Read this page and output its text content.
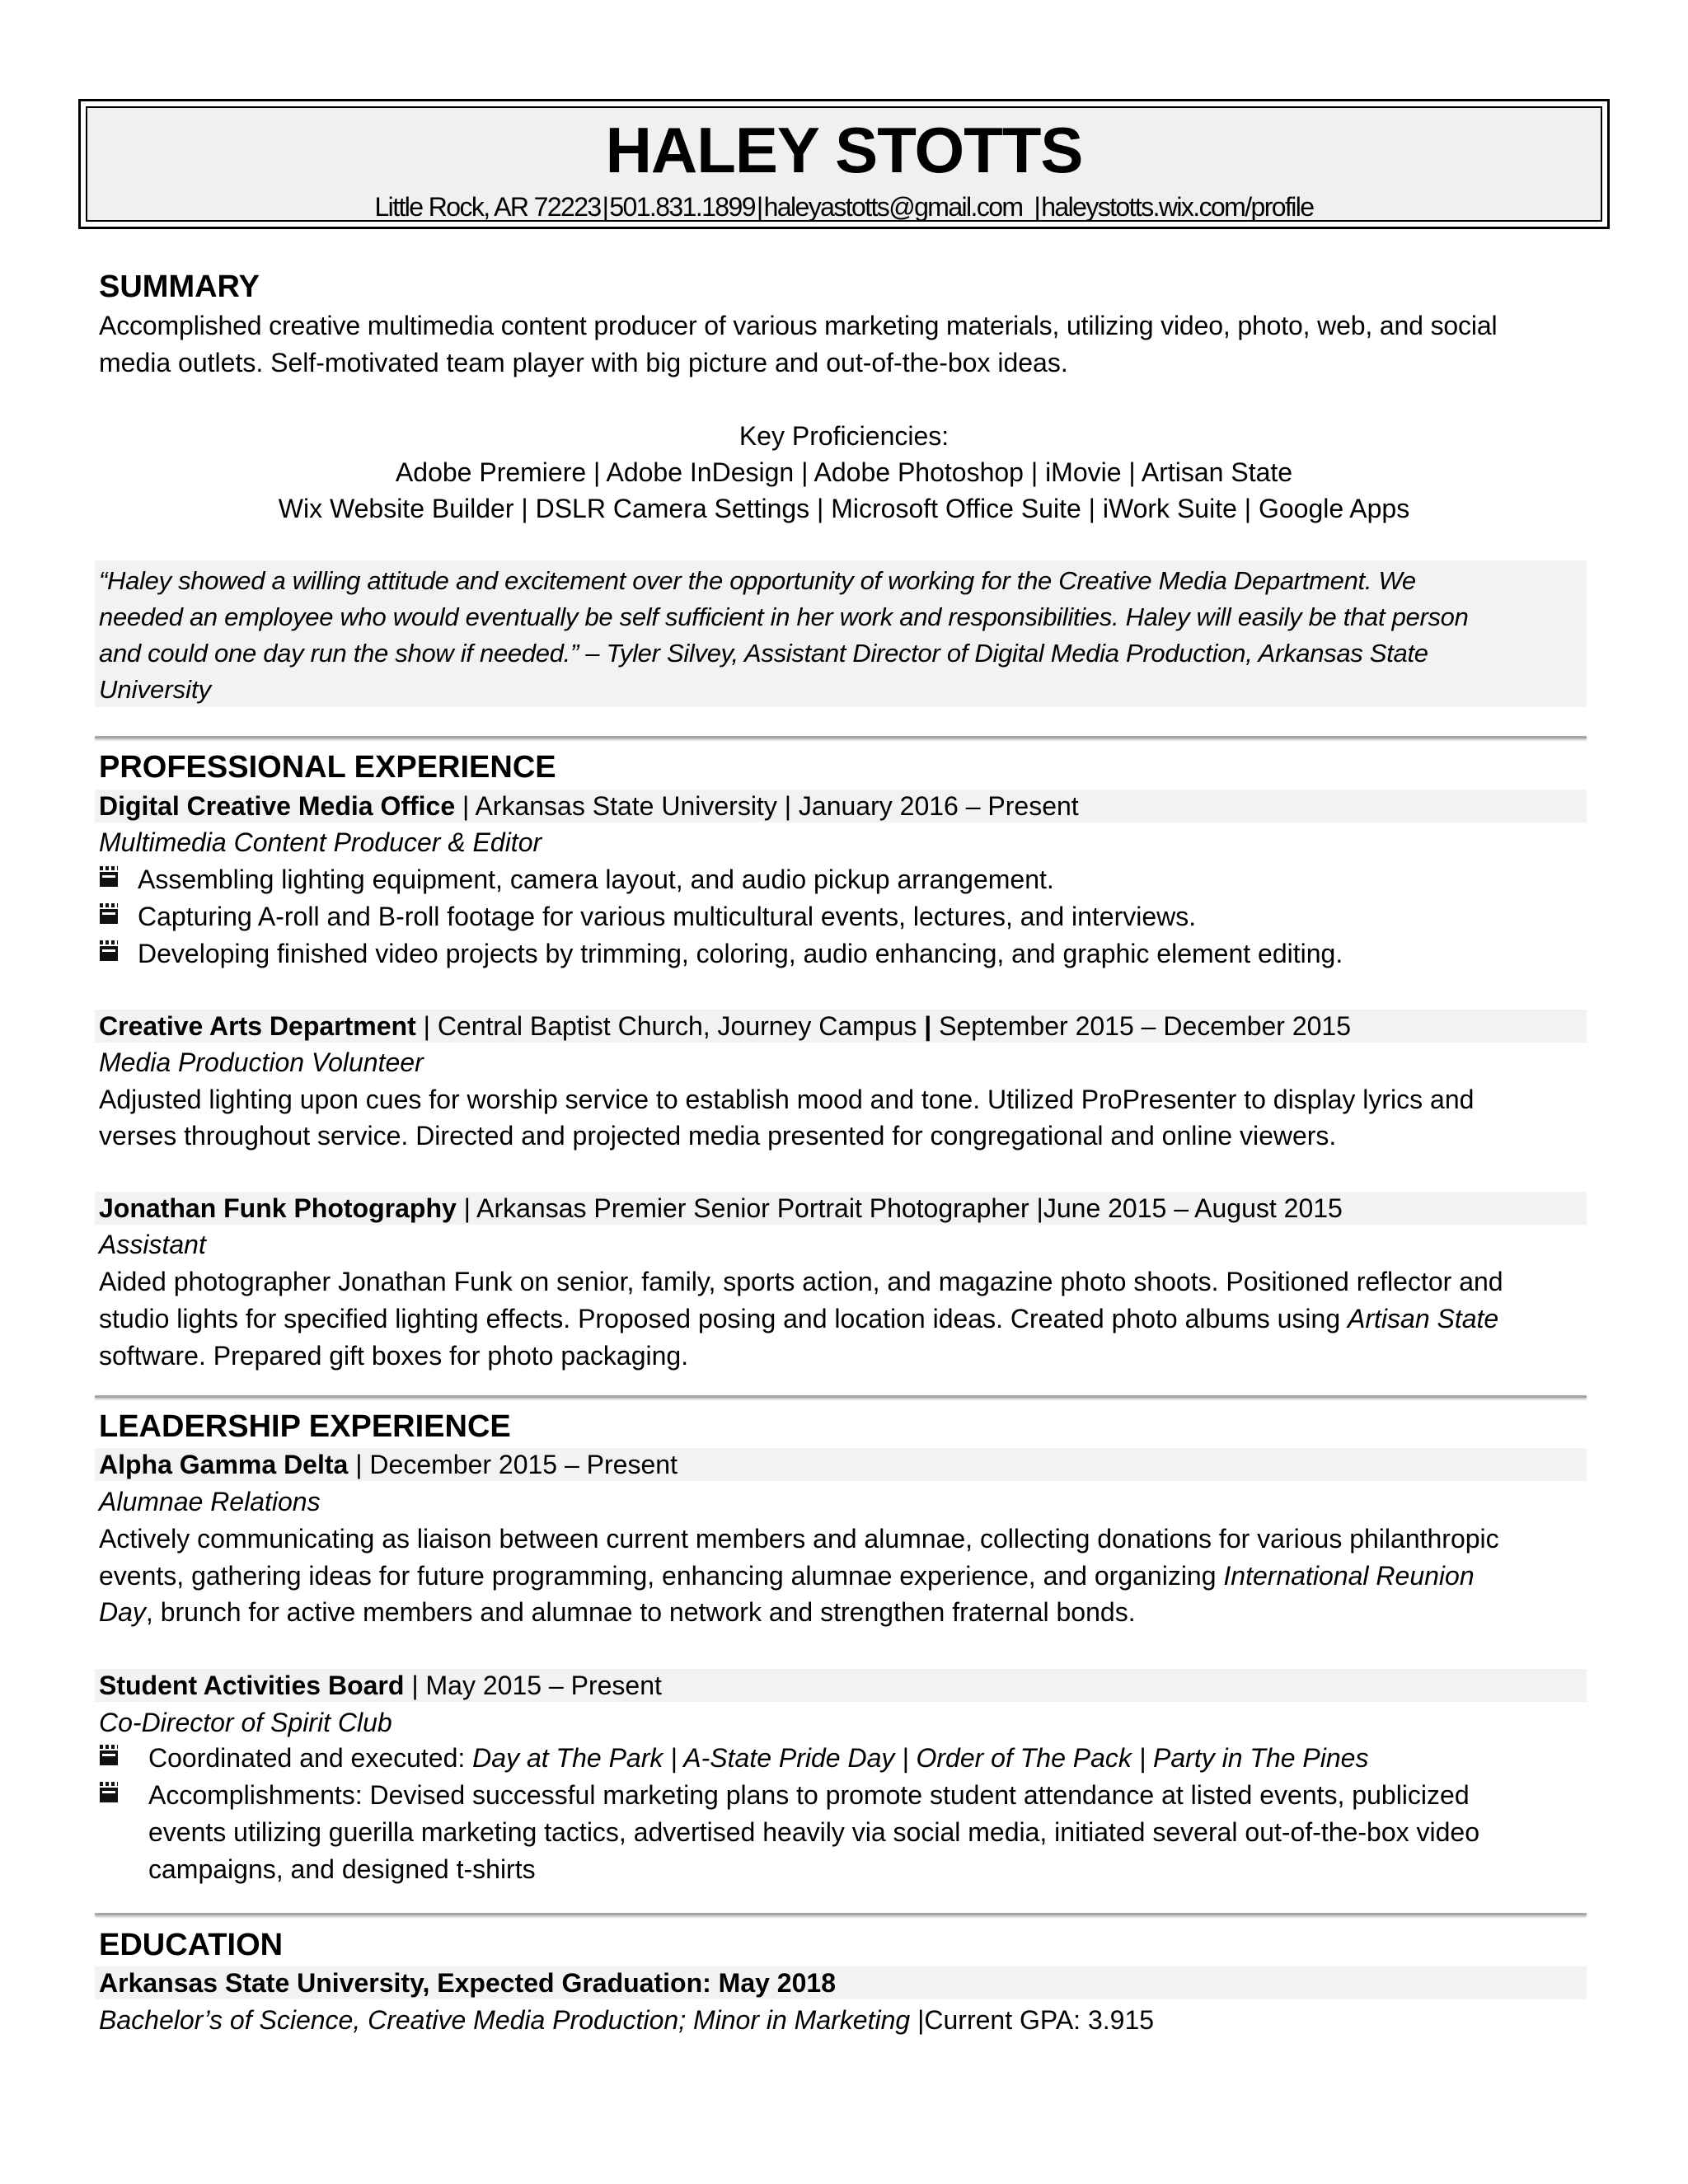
HALEY STOTTS
Little Rock, AR 72223|501.831.1899|haleyastotts@gmail.com |haleystotts.wix.com/profile
SUMMARY
Accomplished creative multimedia content producer of various marketing materials, utilizing video, photo, web, and social
media outlets. Self-motivated team player with big picture and out-of-the-box ideas.
Key Proficiencies:
Adobe Premiere | Adobe InDesign | Adobe Photoshop | iMovie | Artisan State
Wix Website Builder | DSLR Camera Settings | Microsoft Office Suite | iWork Suite | Google Apps
“Haley showed a willing attitude and excitement over the opportunity of working for the Creative Media Department. We
needed an employee who would eventually be self sufficient in her work and responsibilities. Haley will easily be that person
and could one day run the show if needed.” – Tyler Silvey, Assistant Director of Digital Media Production, Arkansas State
University
PROFESSIONAL EXPERIENCE
Digital Creative Media Office | Arkansas State University | January 2016 – Present
Multimedia Content Producer & Editor
Assembling lighting equipment, camera layout, and audio pickup arrangement.
Capturing A-roll and B-roll footage for various multicultural events, lectures, and interviews.
Developing finished video projects by trimming, coloring, audio enhancing, and graphic element editing.
Creative Arts Department | Central Baptist Church, Journey Campus | September 2015 – December 2015
Media Production Volunteer
Adjusted lighting upon cues for worship service to establish mood and tone. Utilized ProPresenter to display lyrics and
verses throughout service. Directed and projected media presented for congregational and online viewers.
Jonathan Funk Photography | Arkansas Premier Senior Portrait Photographer |June 2015 – August 2015
Assistant
Aided photographer Jonathan Funk on senior, family, sports action, and magazine photo shoots. Positioned reflector and
studio lights for specified lighting effects. Proposed posing and location ideas. Created photo albums using Artisan State
software. Prepared gift boxes for photo packaging.
LEADERSHIP EXPERIENCE
Alpha Gamma Delta | December 2015 – Present
Alumnae Relations
Actively communicating as liaison between current members and alumnae, collecting donations for various philanthropic
events, gathering ideas for future programming, enhancing alumnae experience, and organizing International Reunion
Day, brunch for active members and alumnae to network and strengthen fraternal bonds.
Student Activities Board | May 2015 – Present
Co-Director of Spirit Club
Coordinated and executed: Day at The Park | A-State Pride Day | Order of The Pack | Party in The Pines
Accomplishments: Devised successful marketing plans to promote student attendance at listed events, publicized
events utilizing guerilla marketing tactics, advertised heavily via social media, initiated several out-of-the-box video
campaigns, and designed t-shirts
EDUCATION
Arkansas State University, Expected Graduation: May 2018
Bachelor’s of Science, Creative Media Production; Minor in Marketing |Current GPA: 3.915
